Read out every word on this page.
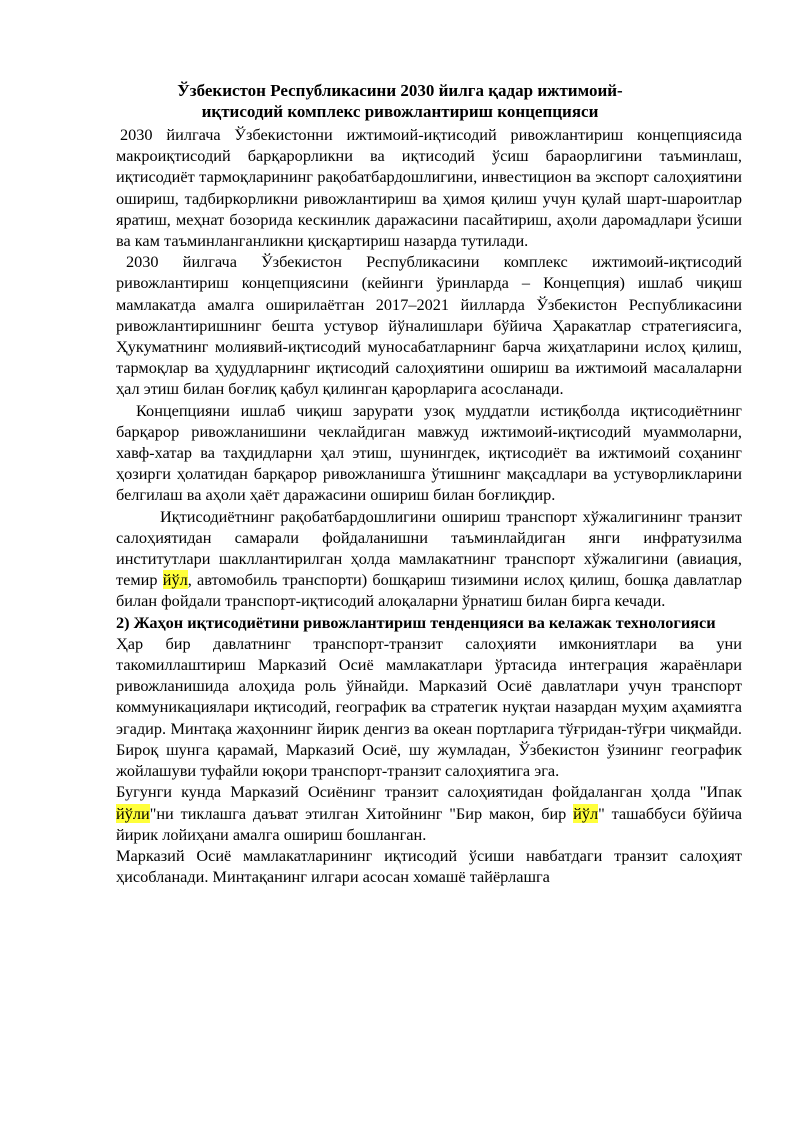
Ўзбекистон Республикасини 2030 йилга қадар ижтимоий-
иқтисодий комплекс ривожлантириш концепцияси

2030 йилгача Ўзбекистонни ижтимоий-иқтисодий ривожлантириш концепциясида макроиқтисодий барқарорликни ва иқтисодий ўсиш бараорлигини таъминлаш, иқтисодиёт тармоқларининг рақобатбардошлигини, инвестицион ва экспорт салоҳиятини ошириш, тадбиркорликни ривожлантириш ва ҳимоя қилиш учун қулай шарт-шароитлар яратиш, меҳнат бозорида кескинлик даражасини пасайтириш, аҳоли даромадлари ўсиши ва кам таъминланганликни қисқартириш назарда тутилади.

2030 йилгача Ўзбекистон Республикасини комплекс ижтимоий-иқтисодий ривожлантириш концепциясини (кейинги ўринларда – Концепция) ишлаб чиқиш мамлакатда амалга оширилаётган 2017–2021 йилларда Ўзбекистон Республикасини ривожлантиришнинг бешта устувор йўналишлари бўйича Ҳаракатлар стратегиясига, Ҳукуматнинг молиявий-иқтисодий муносабатларнинг барча жиҳатларини ислоҳ қилиш, тармоқлар ва ҳудудларнинг иқтисодий салоҳиятини ошириш ва ижтимоий масалаларни ҳал этиш билан боғлиқ қабул қилинган қарорларига асосланади.

Концепцияни ишлаб чиқиш зарурати узоқ муддатли истиқболда иқтисодиётнинг барқарор ривожланишини чеклайдиган мавжуд ижтимоий-иқтисодий муаммоларни, хавф-хатар ва таҳдидларни ҳал этиш, шунингдек, иқтисодиёт ва ижтимоий соҳанинг ҳозирги ҳолатидан барқарор ривожланишга ўтишнинг мақсадлари ва устуворликларини белгилаш ва аҳоли ҳаёт даражасини ошириш билан боғлиқдир.

Иқтисодиётнинг рақобатбардошлигини ошириш транспорт хўжалигининг транзит салоҳиятидан самарали фойдаланишни таъминлайдиган янги инфратузилма институтлари шакллантирилган ҳолда мамлакатнинг транспорт хўжалигини (авиация, темир йўл, автомобиль транспорти) бошқариш тизимини ислоҳ қилиш, бошқа давлатлар билан фойдали транспорт-иқтисодий алоқаларни ўрнатиш билан бирга кечади.

2) Жаҳон иқтисодиётини ривожлантириш тенденцияси ва келажак технологияси

Ҳар бир давлатнинг транспорт-транзит салоҳияти имкониятлари ва уни такомиллаштириш Марказий Осиё мамлакатлари ўртасида интеграция жараёнлари ривожланишида алоҳида роль ўйнайди. Марказий Осиё давлатлари учун транспорт коммуникациялари иқтисодий, географик ва стратегик нуқтаи назардан муҳим аҳамиятга эгадир. Минтақа жаҳоннинг йирик денгиз ва океан портларига тўғридан-тўғри чиқмайди. Бироқ шунга қарамай, Марказий Осиё, шу жумладан, Ўзбекистон ўзининг географик жойлашуви туфайли юқори транспорт-транзит салоҳиятига эга.

Бугунги кунда Марказий Осиёнинг транзит салоҳиятидан фойдаланган ҳолда "Ипак йўли"ни тиклашга даъват этилган Хитойнинг "Бир макон, бир йўл" ташаббуси бўйича йирик лойиҳани амалга ошириш бошланган.

Марказий Осиё мамлакатларининг иқтисодий ўсиши навбатдаги транзит салоҳият ҳисобланади. Минтақанинг илгари асосан хомашё тайёрлашга
